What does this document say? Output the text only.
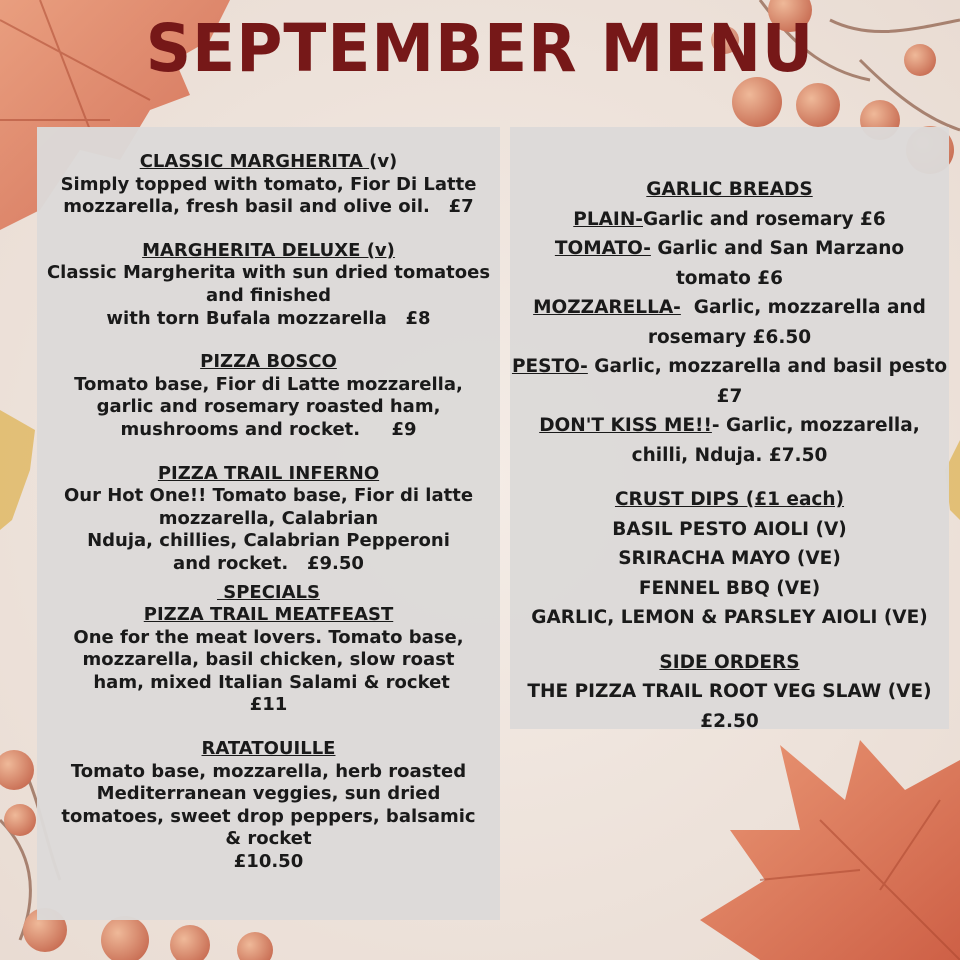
SEPTEMBER MENU
CLASSIC MARGHERITA (v)
Simply topped with tomato, Fior Di Latte
mozzarella, fresh basil and olive oil.   £7
MARGHERITA DELUXE (v)
Classic Margherita with sun dried tomatoes
and finished
with torn Bufala mozzarella   £8
PIZZA BOSCO
Tomato base, Fior di Latte mozzarella,
garlic and rosemary roasted ham,
mushrooms and rocket.     £9
PIZZA TRAIL INFERNO
Our Hot One!! Tomato base, Fior di latte
mozzarella, Calabrian
Nduja, chillies, Calabrian Pepperoni
and rocket.   £9.50
SPECIALS
PIZZA TRAIL MEATFEAST
One for the meat lovers. Tomato base,
mozzarella, basil chicken, slow roast
ham, mixed Italian Salami & rocket
£11
RATATOUILLE
Tomato base, mozzarella, herb roasted
Mediterranean veggies, sun dried
tomatoes, sweet drop peppers, balsamic
& rocket
£10.50
GARLIC BREADS
PLAIN-Garlic and rosemary £6
TOMATO- Garlic and San Marzano
tomato £6
MOZZARELLA-  Garlic, mozzarella and
rosemary £6.50
PESTO- Garlic, mozzarella and basil pesto
£7
DON'T KISS ME!!- Garlic, mozzarella,
chilli, Nduja. £7.50
CRUST DIPS (£1 each)
BASIL PESTO AIOLI (V)
SRIRACHA MAYO (VE)
FENNEL BBQ (VE)
GARLIC, LEMON & PARSLEY AIOLI (VE)
SIDE ORDERS
THE PIZZA TRAIL ROOT VEG SLAW (VE)
£2.50
